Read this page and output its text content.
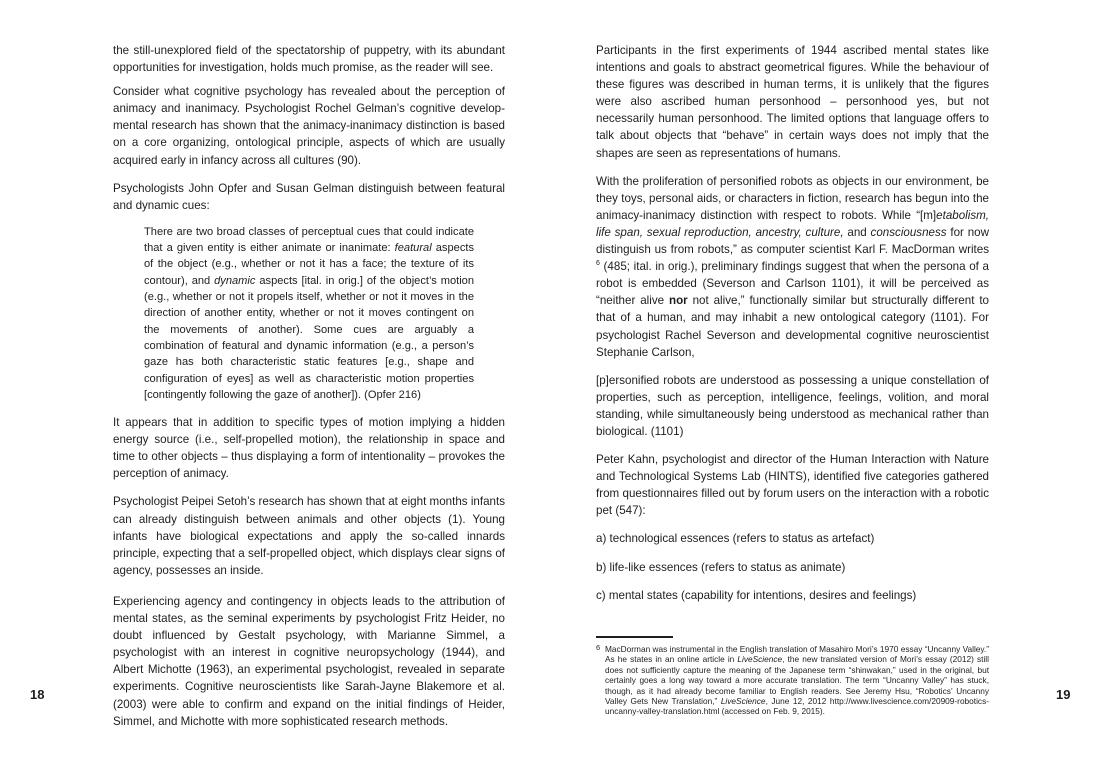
the still-unexplored field of the spectatorship of puppetry, with its abundant opportunities for investigation, holds much promise, as the reader will see.

Consider what cognitive psychology has revealed about the perception of animacy and inanimacy. Psychologist Rochel Gelman’s cognitive developmental research has shown that the animacy-inanimacy distinction is based on a core organizing, ontological principle, aspects of which are usually acquired early in infancy across all cultures (90).

Psychologists John Opfer and Susan Gelman distinguish between featural and dynamic cues:

There are two broad classes of perceptual cues that could indicate that a given entity is either animate or inanimate: featural aspects of the object (e.g., whether or not it has a face; the texture of its contour), and dynamic aspects [ital. in orig.] of the object’s motion (e.g., whether or not it propels itself, whether or not it moves in the direction of another entity, whether or not it moves contingent on the movements of another). Some cues are arguably a combination of featural and dynamic information (e.g., a person’s gaze has both characteristic static features [e.g., shape and configuration of eyes] as well as characteristic motion properties [contingently following the gaze of another]). (Opfer 216)

It appears that in addition to specific types of motion implying a hidden energy source (i.e., self-propelled motion), the relationship in space and time to other objects – thus displaying a form of intentionality – provokes the perception of animacy.

Psychologist Peipei Setoh’s research has shown that at eight months infants can already distinguish between animals and other objects (1). Young infants have biological expectations and apply the so-called innards principle, expecting that a self-propelled object, which displays clear signs of agency, possesses an inside.

Experiencing agency and contingency in objects leads to the attribution of mental states, as the seminal experiments by psychologist Fritz Heider, no doubt influenced by Gestalt psychology, with Marianne Simmel, a psychologist with an interest in cognitive neuropsychology (1944), and Albert Michotte (1963), an experimental psychologist, revealed in separate experiments. Cognitive neuroscientists like Sarah-Jayne Blakemore et al. (2003) were able to confirm and expand on the initial findings of Heider, Simmel, and Michotte with more sophisticated research methods.

18

Participants in the first experiments of 1944 ascribed mental states like intentions and goals to abstract geometrical figures. While the behaviour of these figures was described in human terms, it is unlikely that the figures were also ascribed human personhood – personhood yes, but not necessarily human personhood. The limited options that language offers to talk about objects that “behave” in certain ways does not imply that the shapes are seen as representations of humans.

With the proliferation of personified robots as objects in our environment, be they toys, personal aids, or characters in fiction, research has begun into the animacy-inanimacy distinction with respect to robots. While “[m]etabolism, life span, sexual reproduction, ancestry, culture, and consciousness for now distinguish us from robots,” as computer scientist Karl F. MacDorman writes $^6$ (485; ital. in orig.), preliminary findings suggest that when the persona of a robot is embedded (Severson and Carlson 1101), it will be perceived as “neither alive nor not alive,” functionally similar but structurally different to that of a human, and may inhabit a new ontological category (1101). For psychologist Rachel Severson and developmental cognitive neuroscientist Stephanie Carlson,

[p]ersonified robots are understood as possessing a unique constellation of properties, such as perception, intelligence, feelings, volition, and moral standing, while simultaneously being understood as mechanical rather than biological. (1101)

Peter Kahn, psychologist and director of the Human Interaction with Nature and Technological Systems Lab (HINTS), identified five categories gathered from questionnaires filled out by forum users on the interaction with a robotic pet (547):

a) technological essences (refers to status as artefact)

b) life-like essences (refers to status as animate)

c) mental states (capability for intentions, desires and feelings)

6 MacDorman was instrumental in the English translation of Masahiro Mori’s 1970 essay “Uncanny Valley.” As he states in an online article in LiveScience, the new translated version of Mori’s essay (2012) still does not sufficiently capture the meaning of the Japanese term “shinwakan,” used in the original, but certainly goes a long way toward a more accurate translation. The term “Uncanny Valley” has stuck, though, as it had already become familiar to English readers. See Jeremy Hsu, “Robotics’ Uncanny Valley Gets New Translation,” LiveScience, June 12, 2012 http://www.livescience.com/20909-robotics-uncanny-valley-translation.html (accessed on Feb. 9, 2015).
19
